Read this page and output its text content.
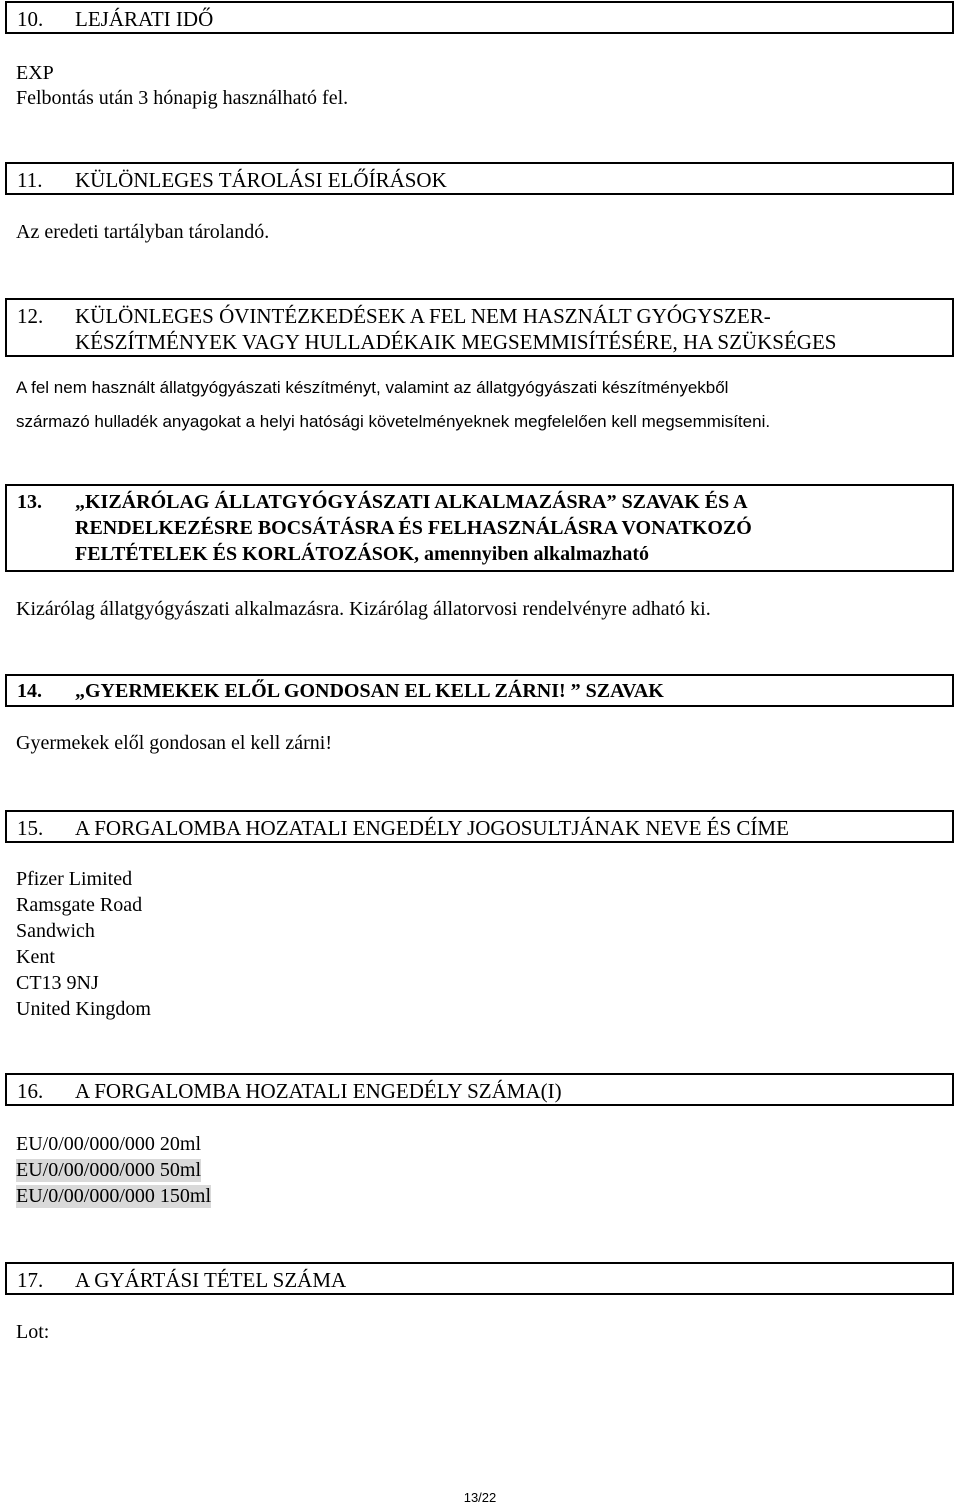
10. LEJÁRATI IDŐ
EXP
Felbontás után 3 hónapig használható fel.
11. KÜLÖNLEGES TÁROLÁSI ELŐÍRÁSOK
Az eredeti tartályban tárolandó.
12. KÜLÖNLEGES ÓVINTÉZKEDÉSEK A FEL NEM HASZNÁLT GYÓGYSZER-
KÉSZÍTMÉNYEK VAGY HULLADÉKAIK MEGSEMMISÍTÉSÉRE, HA SZÜKSÉGES
A fel nem használt állatgyógyászati készítményt, valamint az állatgyógyászati készítményekből
származó hulladék anyagokat a helyi hatósági követelményeknek megfelelően kell megsemmisíteni.
13. „KIZÁRÓLAG ÁLLATGYÓGYÁSZATI ALKALMAZÁSRA” SZAVAK ÉS A
RENDELKEZÉSRE BOCSÁTÁSRA ÉS FELHASZNÁLÁSRA VONATKOZÓ
FELTÉTELEK ÉS KORLÁTOZÁSOK, amennyiben alkalmazható
Kizárólag állatgyógyászati alkalmazásra. Kizárólag állatorvosi rendelvényre adható ki.
14. „GYERMEKEK ELŐL GONDOSAN EL KELL ZÁRNI! ” SZAVAK
Gyermekek elől gondosan el kell zárni!
15. A FORGALOMBA HOZATALI ENGEDÉLY JOGOSULTJÁNAK NEVE ÉS CÍME
Pfizer Limited
Ramsgate Road
Sandwich
Kent
CT13 9NJ
United Kingdom
16. A FORGALOMBA HOZATALI ENGEDÉLY SZÁMA(I)
EU/0/00/000/000 20ml
EU/0/00/000/000 50ml
EU/0/00/000/000 150ml
17. A GYÁRTÁSI TÉTEL SZÁMA
Lot:
13/22
